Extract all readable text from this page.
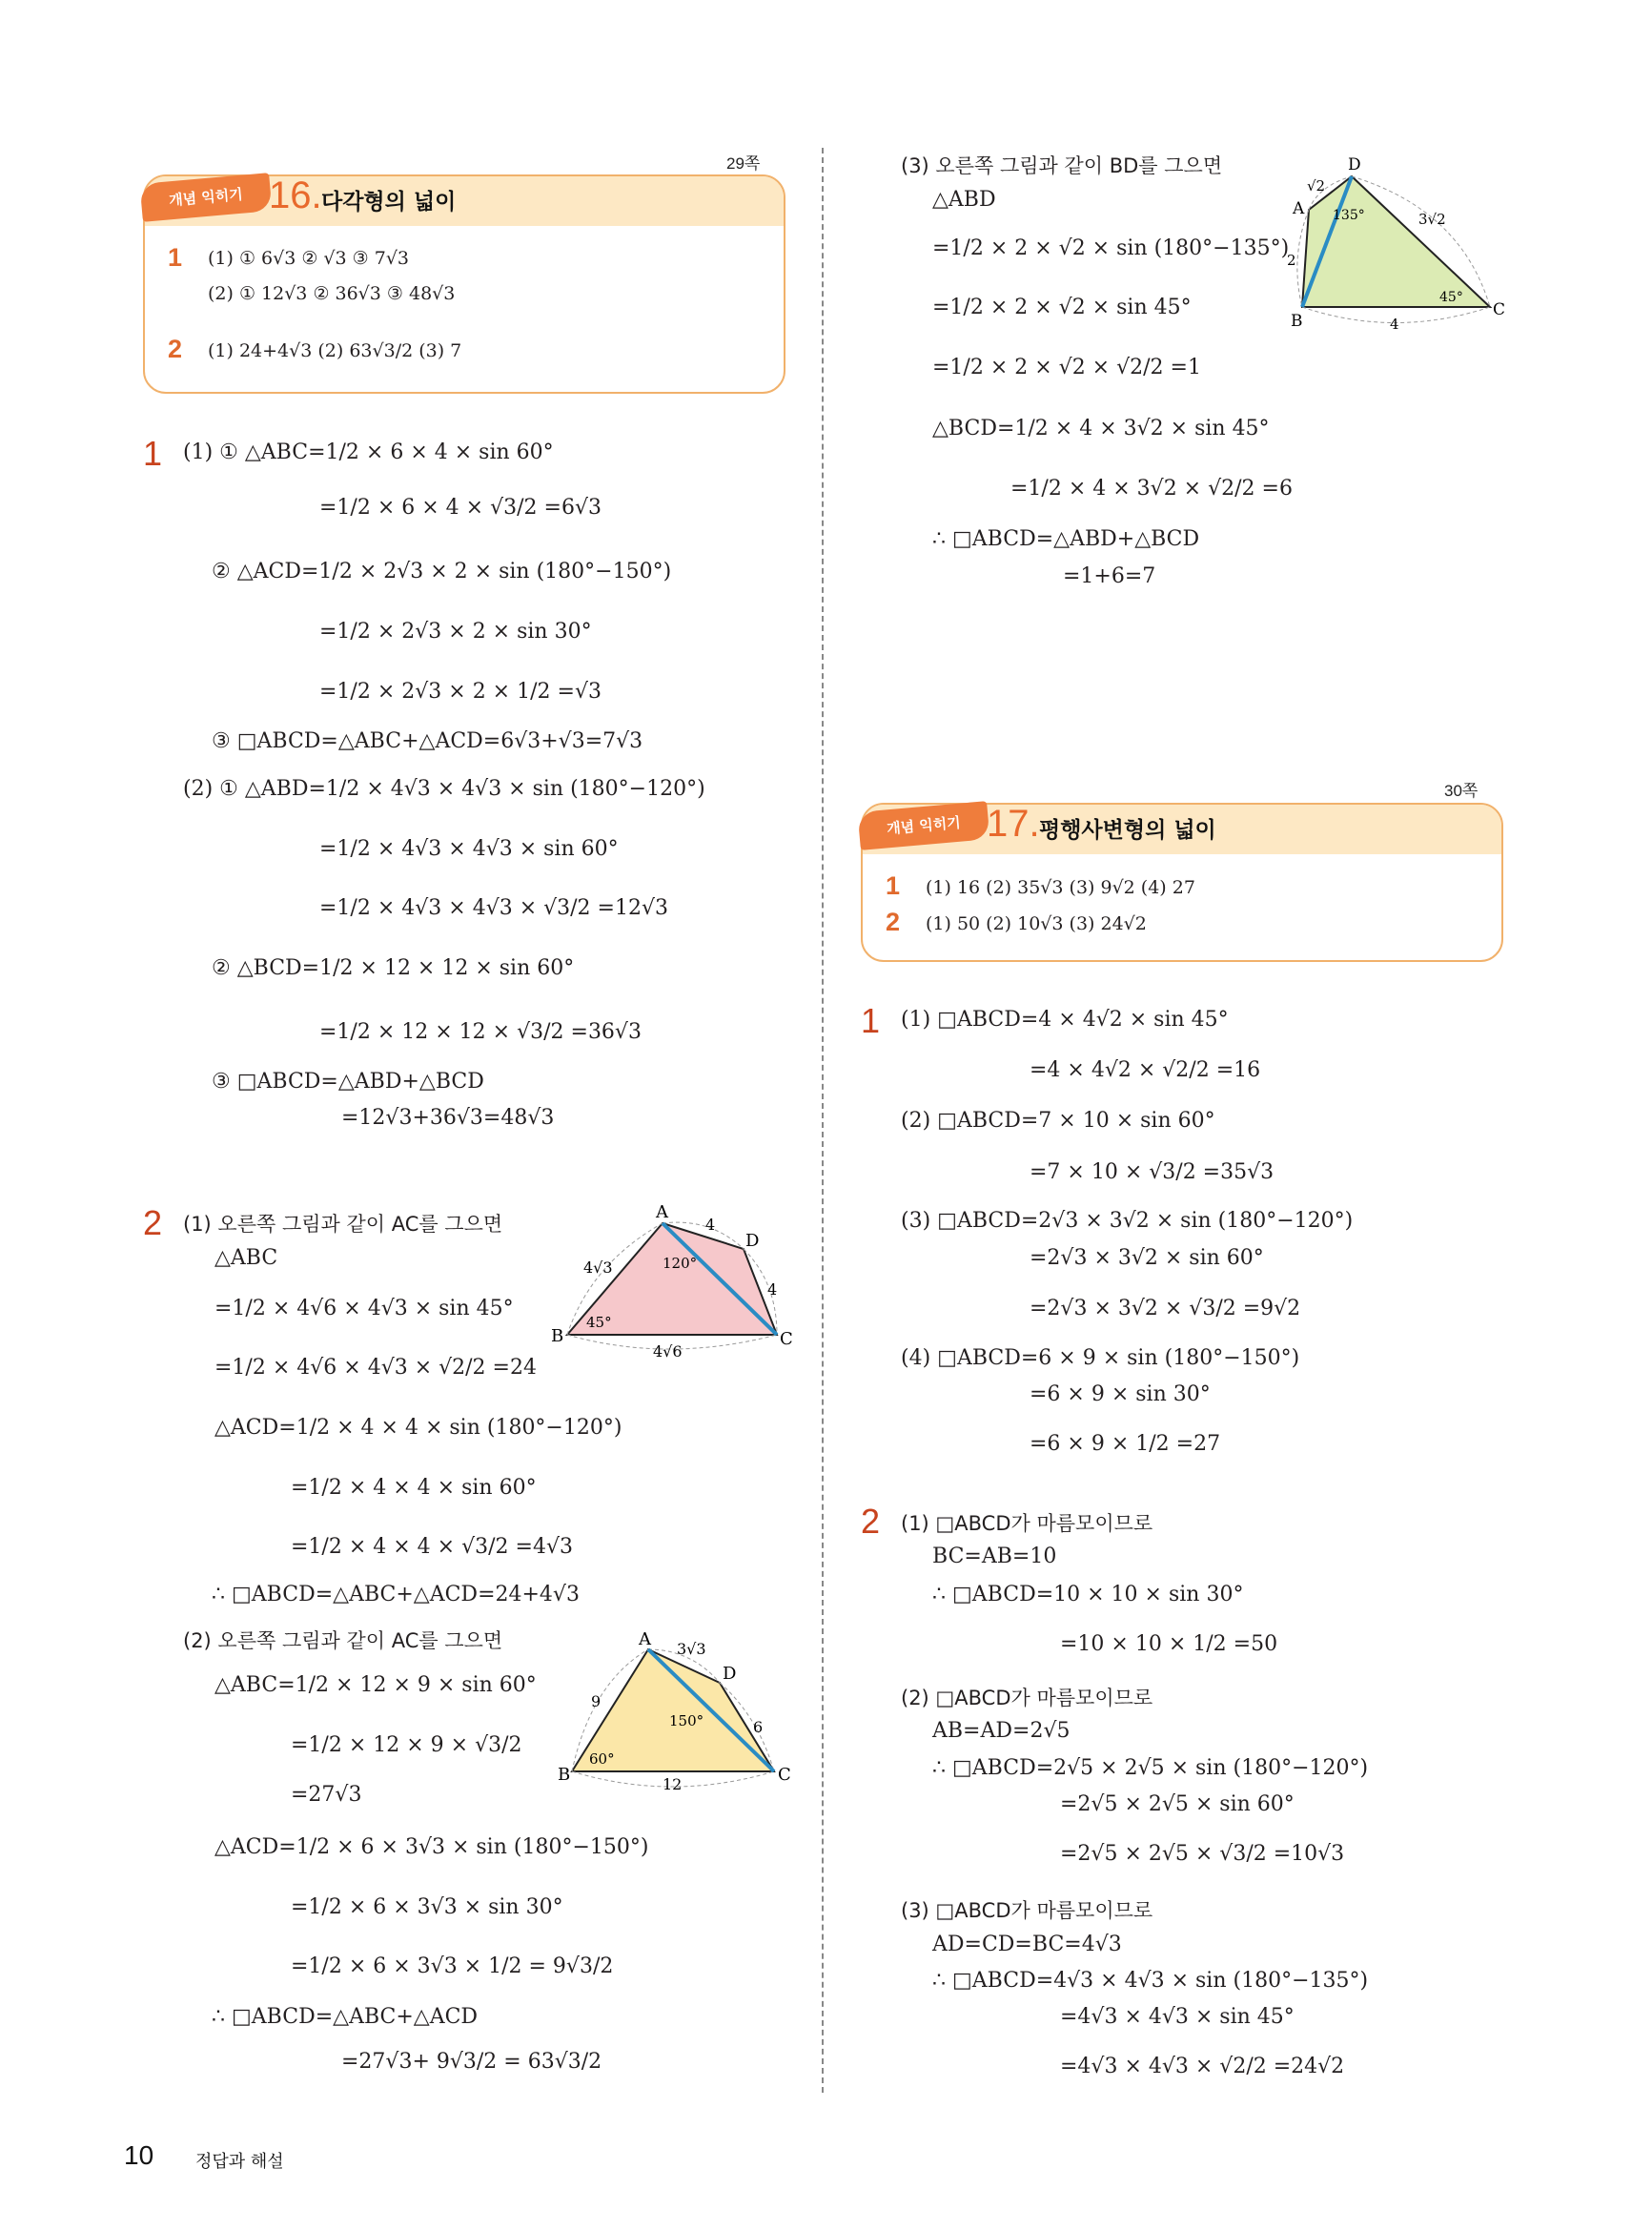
29쪽
개념 익히기 16. 다각형의 넓이
1 (1) ① 6√3 ② √3 ③ 7√3
(2) ① 12√3 ② 36√3 ③ 48√3
2 (1) 24+4√3 (2) 63√3/2 (3) 7
1 (1) ① △ABC=1/2 × 6 × 4 × sin 60°
=1/2 × 6 × 4 × √3/2 =6√3
② △ACD=1/2 × 2√3 × 2 × sin (180°−150°)
=1/2 × 2√3 × 2 × sin 30°
=1/2 × 2√3 × 2 × 1/2 =√3
③ □ABCD=△ABC+△ACD=6√3+√3=7√3
(2) ① △ABD=1/2 × 4√3 × 4√3 × sin (180°−120°)
=1/2 × 4√3 × 4√3 × sin 60°
=1/2 × 4√3 × 4√3 × √3/2 =12√3
② △BCD=1/2 × 12 × 12 × sin 60°
=1/2 × 12 × 12 × √3/2 =36√3
③ □ABCD=△ABD+△BCD
=12√3+36√3=48√3
2 (1) 오른쪽 그림과 같이 AC를 그으면
△ABC
=1/2 × 4√6 × 4√3 × sin 45°
=1/2 × 4√6 × 4√3 × √2/2 =24
△ACD=1/2 × 4 × 4 × sin (180°−120°)
=1/2 × 4 × 4 × sin 60°
=1/2 × 4 × 4 × √3/2 =4√3
∴ □ABCD=△ABC+△ACD=24+4√3
(2) 오른쪽 그림과 같이 AC를 그으면
△ABC=1/2 × 12 × 9 × sin 60°
=1/2 × 12 × 9 × √3/2
=27√3
△ACD=1/2 × 6 × 3√3 × sin (180°−150°)
=1/2 × 6 × 3√3 × sin 30°
=1/2 × 6 × 3√3 × 1/2 = 9√3/2
∴ □ABCD=△ABC+△ACD
=27√3+ 9√3/2 = 63√3/2
A
B	C
D
4√3
4√6
4
4
120°
45°
A
B	C
D
9
12
6
3√3
150°
60°
(3) 오른쪽 그림과 같이 BD를 그으면
△ABD
=1/2 × 2 × √2 × sin (180°−135°)
=1/2 × 2 × √2 × sin 45°
=1/2 × 2 × √2 × √2/2 =1
△BCD=1/2 × 4 × 3√2 × sin 45°
=1/2 × 4 × 3√2 × √2/2 =6
∴ □ABCD=△ABD+△BCD
=1+6=7
A
B
C
D
2
√2
4
3√2
135°
45°
30쪽
개념 익히기 17. 평행사변형의 넓이
1 (1) 16 (2) 35√3 (3) 9√2 (4) 27
2 (1) 50 (2) 10√3 (3) 24√2
1 (1) □ABCD=4 × 4√2 × sin 45°
=4 × 4√2 × √2/2 =16
(2) □ABCD=7 × 10 × sin 60°
=7 × 10 × √3/2 =35√3
(3) □ABCD=2√3 × 3√2 × sin (180°−120°)
=2√3 × 3√2 × sin 60°
=2√3 × 3√2 × √3/2 =9√2
(4) □ABCD=6 × 9 × sin (180°−150°)
=6 × 9 × sin 30°
=6 × 9 × 1/2 =27
2 (1) □ABCD가 마름모이므로
BC=AB=10
∴ □ABCD=10 × 10 × sin 30°
=10 × 10 × 1/2 =50
(2) □ABCD가 마름모이므로
AB=AD=2√5
∴ □ABCD=2√5 × 2√5 × sin (180°−120°)
=2√5 × 2√5 × sin 60°
=2√5 × 2√5 × √3/2 =10√3
(3) □ABCD가 마름모이므로
AD=CD=BC=4√3
∴ □ABCD=4√3 × 4√3 × sin (180°−135°)
=4√3 × 4√3 × sin 45°
=4√3 × 4√3 × √2/2 =24√2
10 정답과 해설
